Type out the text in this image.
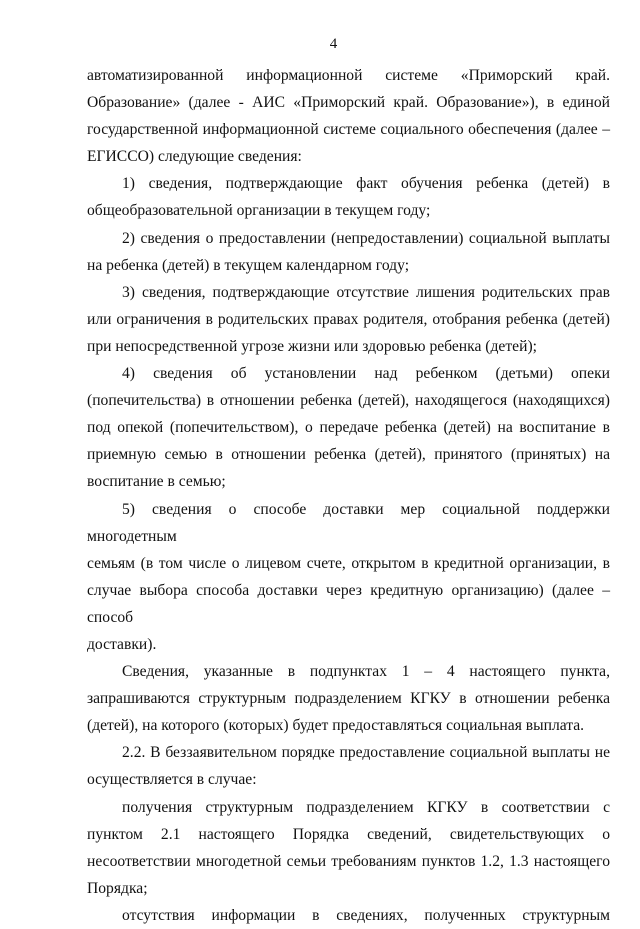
4

автоматизированной информационной системе «Приморский край.

Образование» (далее - АИС «Приморский край. Образование»), в единой

государственной информационной системе социального обеспечения (далее –

ЕГИССО) следующие сведения:

1) сведения, подтверждающие факт обучения ребенка (детей) в

общеобразовательной организации в текущем году;

2) сведения о предоставлении (непредоставлении) социальной выплаты

на ребенка (детей) в текущем календарном году;

3) сведения, подтверждающие отсутствие лишения родительских прав

или ограничения в родительских правах родителя, отобрания ребенка (детей)

при непосредственной угрозе жизни или здоровью ребенка (детей);

4) сведения об установлении над ребенком (детьми) опеки

(попечительства) в отношении ребенка (детей), находящегося (находящихся)

под опекой (попечительством), о передаче ребенка (детей) на воспитание в

приемную семью в отношении ребенка (детей), принятого (принятых) на

воспитание в семью;

5) сведения о способе доставки мер социальной поддержки многодетным

семьям (в том числе о лицевом счете, открытом в кредитной организации, в

случае выбора способа доставки через кредитную организацию) (далее – способ

доставки).

Сведения, указанные в подпунктах 1 – 4 настоящего пункта,

запрашиваются структурным подразделением КГКУ в отношении ребенка

(детей), на которого (которых) будет предоставляться социальная выплата.

2.2. В беззаявительном порядке предоставление социальной выплаты не

осуществляется в случае:

получения структурным подразделением КГКУ в соответствии с

пунктом 2.1 настоящего Порядка сведений, свидетельствующих о

несоответствии многодетной семьи требованиям пунктов 1.2, 1.3 настоящего

Порядка;

отсутствия информации в сведениях, полученных структурным
